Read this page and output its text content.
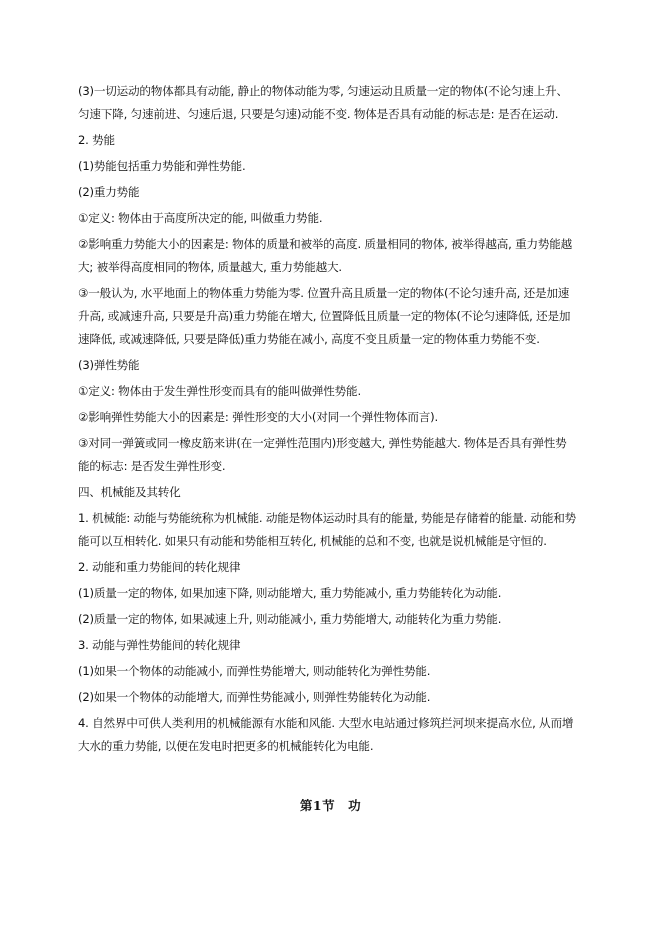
(3)一切运动的物体都具有动能, 静止的物体动能为零, 匀速运动且质量一定的物体(不论匀速上升、

匀速下降, 匀速前进、匀速后退, 只要是匀速)动能不变. 物体是否具有动能的标志是: 是否在运动.

2. 势能

(1)势能包括重力势能和弹性势能.

(2)重力势能

①定义: 物体由于高度所决定的能, 叫做重力势能.

②影响重力势能大小的因素是: 物体的质量和被举的高度. 质量相同的物体, 被举得越高, 重力势能越

大; 被举得高度相同的物体, 质量越大, 重力势能越大.

③一般认为, 水平地面上的物体重力势能为零. 位置升高且质量一定的物体(不论匀速升高, 还是加速

升高, 或减速升高, 只要是升高)重力势能在增大, 位置降低且质量一定的物体(不论匀速降低, 还是加

速降低, 或减速降低, 只要是降低)重力势能在减小, 高度不变且质量一定的物体重力势能不变.

(3)弹性势能

①定义: 物体由于发生弹性形变而具有的能叫做弹性势能.

②影响弹性势能大小的因素是: 弹性形变的大小(对同一个弹性物体而言).

③对同一弹簧或同一橡皮筋来讲(在一定弹性范围内)形变越大, 弹性势能越大. 物体是否具有弹性势

能的标志: 是否发生弹性形变.

四、机械能及其转化

1. 机械能: 动能与势能统称为机械能. 动能是物体运动时具有的能量, 势能是存储着的能量. 动能和势

能可以互相转化. 如果只有动能和势能相互转化, 机械能的总和不变, 也就是说机械能是守恒的.

2. 动能和重力势能间的转化规律

(1)质量一定的物体, 如果加速下降, 则动能增大, 重力势能减小, 重力势能转化为动能.

(2)质量一定的物体, 如果减速上升, 则动能减小, 重力势能增大, 动能转化为重力势能.

3. 动能与弹性势能间的转化规律

(1)如果一个物体的动能减小, 而弹性势能增大, 则动能转化为弹性势能.

(2)如果一个物体的动能增大, 而弹性势能减小, 则弹性势能转化为动能.

4. 自然界中可供人类利用的机械能源有水能和风能. 大型水电站通过修筑拦河坝来提高水位, 从而增

大水的重力势能, 以便在发电时把更多的机械能转化为电能.

第1节　功
